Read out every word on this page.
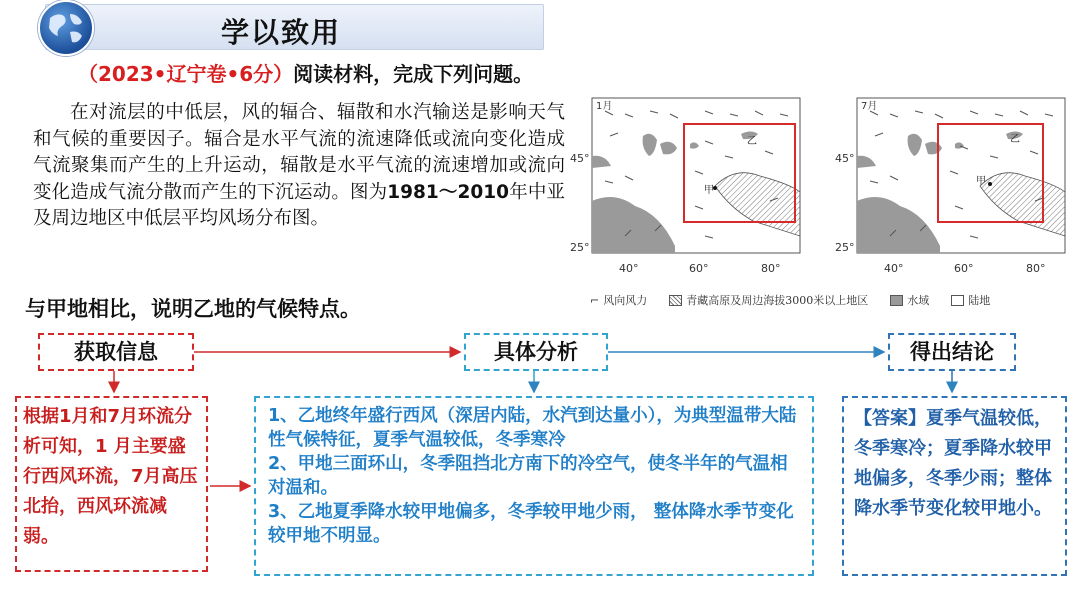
学以致用
（2023•辽宁卷•6分）阅读材料，完成下列问题。
在对流层的中低层，风的辐合、辐散和水汽输送是影响天气和气候的重要因子。辐合是水平气流的流速降低或流向变化造成气流聚集而产生的上升运动，辐散是水平气流的流速增加或流向变化造成气流分散而产生的下沉运动。图为1981～2010年中亚及周边地区中低层平均风场分布图。
与甲地相比，说明乙地的气候特点。
甲
乙
45°
25°
40°	60°	80°
1月
甲
乙
45°
25°
40°	60°	80°
7月
⌐ 风向风力	青藏高原及周边海拔3000米以上地区	水域	陆地
获取信息	具体分析	得出结论
根据1月和7月环流分析可知，1 月主要盛行西风环流，7月高压北抬，西风环流减弱。

1、乙地终年盛行西风（深居内陆，水汽到达量小），为典型温带大陆性气候特征，夏季气温较低，冬季寒冷

2、甲地三面环山，冬季阻挡北方南下的冷空气，使冬半年的气温相对温和。

3、乙地夏季降水较甲地偏多，冬季较甲地少雨， 整体降水季节变化较甲地不明显。

【答案】夏季气温较低，冬季寒冷；夏季降水较甲地偏多，冬季少雨；整体降水季节变化较甲地小。
